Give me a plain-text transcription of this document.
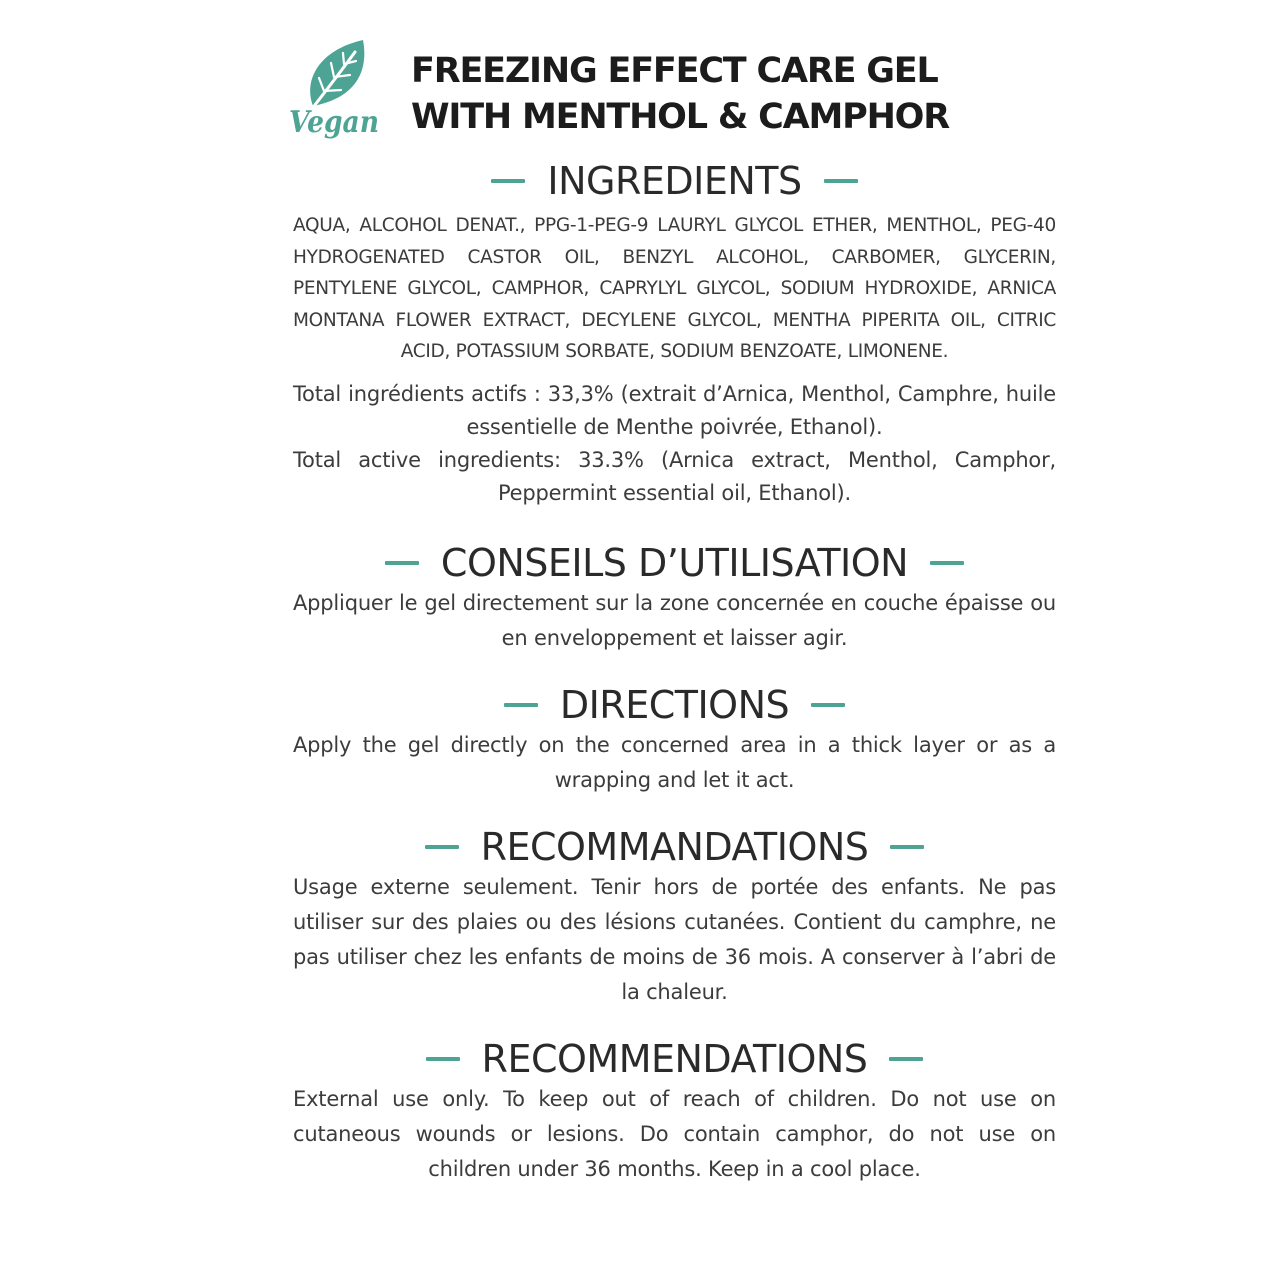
Vegan
FREEZING EFFECT CARE GEL
WITH MENTHOL & CAMPHOR
INGREDIENTS

AQUA, ALCOHOL DENAT., PPG-1-PEG-9 LAURYL GLYCOL ETHER, MENTHOL, PEG-40 HYDROGENATED CASTOR OIL, BENZYL ALCOHOL, CARBOMER, GLYCERIN, PENTYLENE GLYCOL, CAMPHOR, CAPRYLYL GLYCOL, SODIUM HYDROXIDE, ARNICA MONTANA FLOWER EXTRACT, DECYLENE GLYCOL, MENTHA PIPERITA OIL, CITRIC ACID, POTASSIUM SORBATE, SODIUM BENZOATE, LIMONENE.

Total ingrédients actifs : 33,3% (extrait d’Arnica, Menthol, Camphre, huile essentielle de Menthe poivrée, Ethanol).

Total active ingredients: 33.3% (Arnica extract, Menthol, Camphor, Peppermint essential oil, Ethanol).

CONSEILS D’UTILISATION

Appliquer le gel directement sur la zone concernée en couche épaisse ou en enveloppement et laisser agir.

DIRECTIONS

Apply the gel directly on the concerned area in a thick layer or as a wrapping and let it act.

RECOMMANDATIONS

Usage externe seulement. Tenir hors de portée des enfants. Ne pas utiliser sur des plaies ou des lésions cutanées. Contient du camphre, ne pas utiliser chez les enfants de moins de 36 mois. A conserver à l’abri de la chaleur.

RECOMMENDATIONS

External use only. To keep out of reach of children. Do not use on cutaneous wounds or lesions. Do contain camphor, do not use on children under 36 months. Keep in a cool place.
